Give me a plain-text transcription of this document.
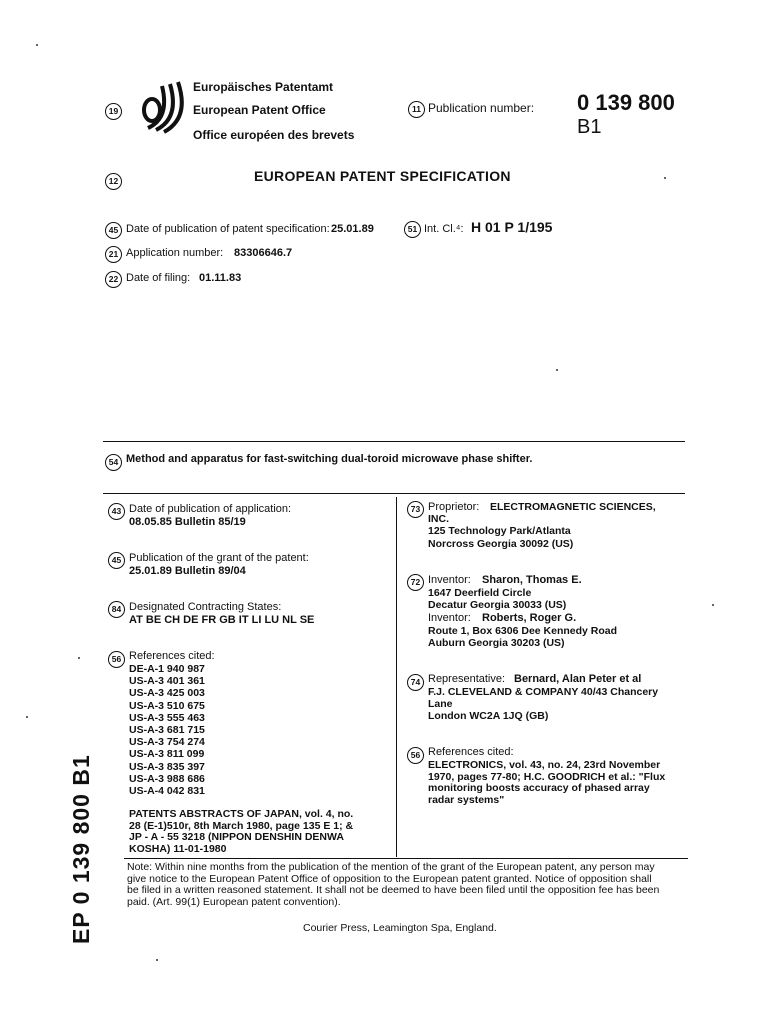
19
Europäisches Patentamt
European Patent Office
Office européen des brevets
11 Publication number: 0 139 800
B1
12	EUROPEAN PATENT SPECIFICATION
45 Date of publication of patent specification: 25.01.89	51 Int. Cl.⁴: H 01 P 1/195
21 Application number: 83306646.7
22 Date of filing: 01.11.83
54 Method and apparatus for fast-switching dual-toroid microwave phase shifter.
43 Date of publication of application:
08.05.85 Bulletin 85/19
45 Publication of the grant of the patent:
25.01.89 Bulletin 89/04
84 Designated Contracting States:
AT BE CH DE FR GB IT LI LU NL SE
56 References cited:
DE-A-1 940 987
US-A-3 401 361
US-A-3 425 003
US-A-3 510 675
US-A-3 555 463
US-A-3 681 715
US-A-3 754 274
US-A-3 811 099
US-A-3 835 397
US-A-3 988 686
US-A-4 042 831
PATENTS ABSTRACTS OF JAPAN, vol. 4, no.
28 (E-1)510r, 8th March 1980, page 135 E 1; &
JP - A - 55 3218 (NIPPON DENSHIN DENWA
KOSHA) 11-01-1980
73 Proprietor: ELECTROMAGNETIC SCIENCES,
INC.
125 Technology Park/Atlanta
Norcross Georgia 30092 (US)
72 Inventor: Sharon, Thomas E.
1647 Deerfield Circle
Decatur Georgia 30033 (US)
Inventor: Roberts, Roger G.
Route 1, Box 6306 Dee Kennedy Road
Auburn Georgia 30203 (US)
74 Representative: Bernard, Alan Peter et al
F.J. CLEVELAND & COMPANY 40/43 Chancery
Lane
London WC2A 1JQ (GB)
56 References cited:
ELECTRONICS, vol. 43, no. 24, 23rd November
1970, pages 77-80; H.C. GOODRICH et al.: "Flux
monitoring boosts accuracy of phased array
radar systems"
Note: Within nine months from the publication of the mention of the grant of the European patent, any person may
give notice to the European Patent Office of opposition to the European patent granted. Notice of opposition shall
be filed in a written reasoned statement. It shall not be deemed to have been filed until the opposition fee has been
paid. (Art. 99(1) European patent convention).
Courier Press, Leamington Spa, England.
EP 0 139 800 B1
